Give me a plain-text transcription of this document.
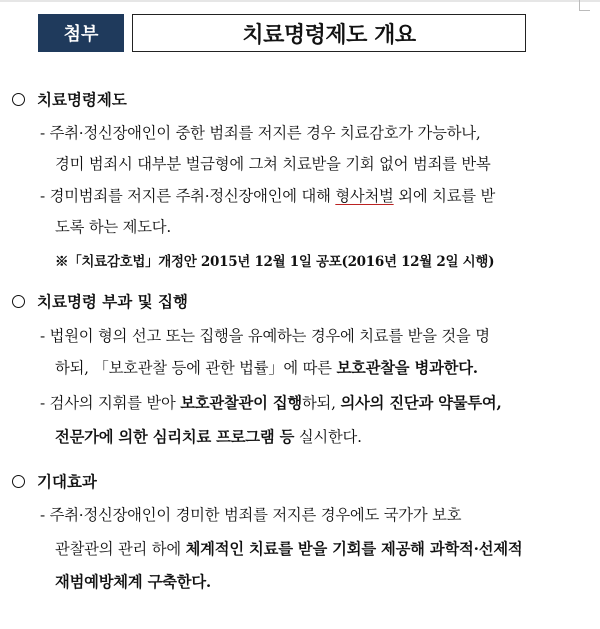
첨부	치료명령제도 개요
치료명령제도
- 주취·정신장애인이 중한 범죄를 저지른 경우 치료감호가 가능하나,
경미 범죄시 대부분 벌금형에 그쳐 치료받을 기회 없어 범죄를 반복
- 경미범죄를 저지른 주취·정신장애인에 대해 형사처벌 외에 치료를 받
도록 하는 제도다.
※「치료감호법」개정안 2015년 12월 1일 공포(2016년 12월 2일 시행)
치료명령 부과 및 집행
- 법원이 형의 선고 또는 집행을 유예하는 경우에 치료를 받을 것을 명
하되, 「보호관찰 등에 관한 법률」에 따른 보호관찰을 병과한다.
- 검사의 지휘를 받아 보호관찰관이 집행하되, 의사의 진단과 약물투여,
전문가에 의한 심리치료 프로그램 등 실시한다.
기대효과
- 주취·정신장애인이 경미한 범죄를 저지른 경우에도 국가가 보호
관찰관의 관리 하에 체계적인 치료를 받을 기회를 제공해 과학적·선제적
재범예방체계 구축한다.
